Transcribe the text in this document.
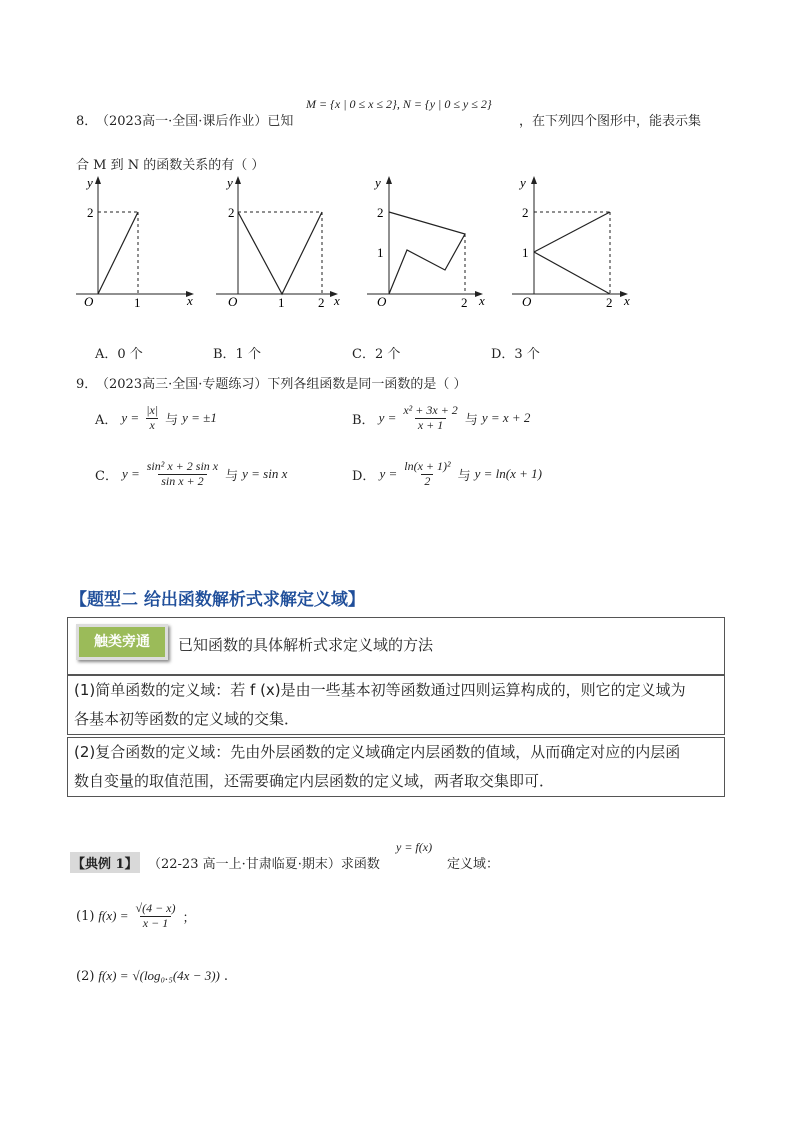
8．
（2023高一·全国·课后作业）已知
M = {x | 0 ≤ x ≤ 2}, N = {y | 0 ≤ y ≤ 2}
，在下列四个图形中，能表示集
合 M 到 N 的函数关系的有（ ）
y
x
O
2
1
y
x
O
2
1	2
y
x
O
2
1
2
y
x
O
2
1
2
A．0 个	B．1 个	C．2 个	D．3 个
9．
（2023高三·全国·专题练习）下列各组函数是同一函数的是（ ）
A． $y = \frac{|x|}{x}$ 与 y = ±1	B． $y = \frac{\text{x² + 3x + 2}}{x + 1}$ 与 y = x + 2
C． $y = \frac{\text{sin² x + 2 sin x}}{\text{sin x + 2}}$ 与 y = sin x	D． $y = \frac{\text{ln(x + 1)²}}{2}$ 与 y = ln(x + 1)
【题型二 给出函数解析式求解定义域】
触类旁通	已知函数的具体解析式求定义域的方法
(1)简单函数的定义域：若 f (x)是由一些基本初等函数通过四则运算构成的，则它的定义域为
各基本初等函数的定义域的交集．
(2)复合函数的定义域：先由外层函数的定义域确定内层函数的值域，从而确定对应的内层函
数自变量的取值范围，还需要确定内层函数的定义域，两者取交集即可．
【典例 1】 （22-23 高一上·甘肃临夏·期末）求函数
y = f(x)
定义域：
(1) $f(x) = \frac{√(4 - x)}{x - 1}$ ；
(2) f(x) = √(log₀.₅(4x − 3)) .
